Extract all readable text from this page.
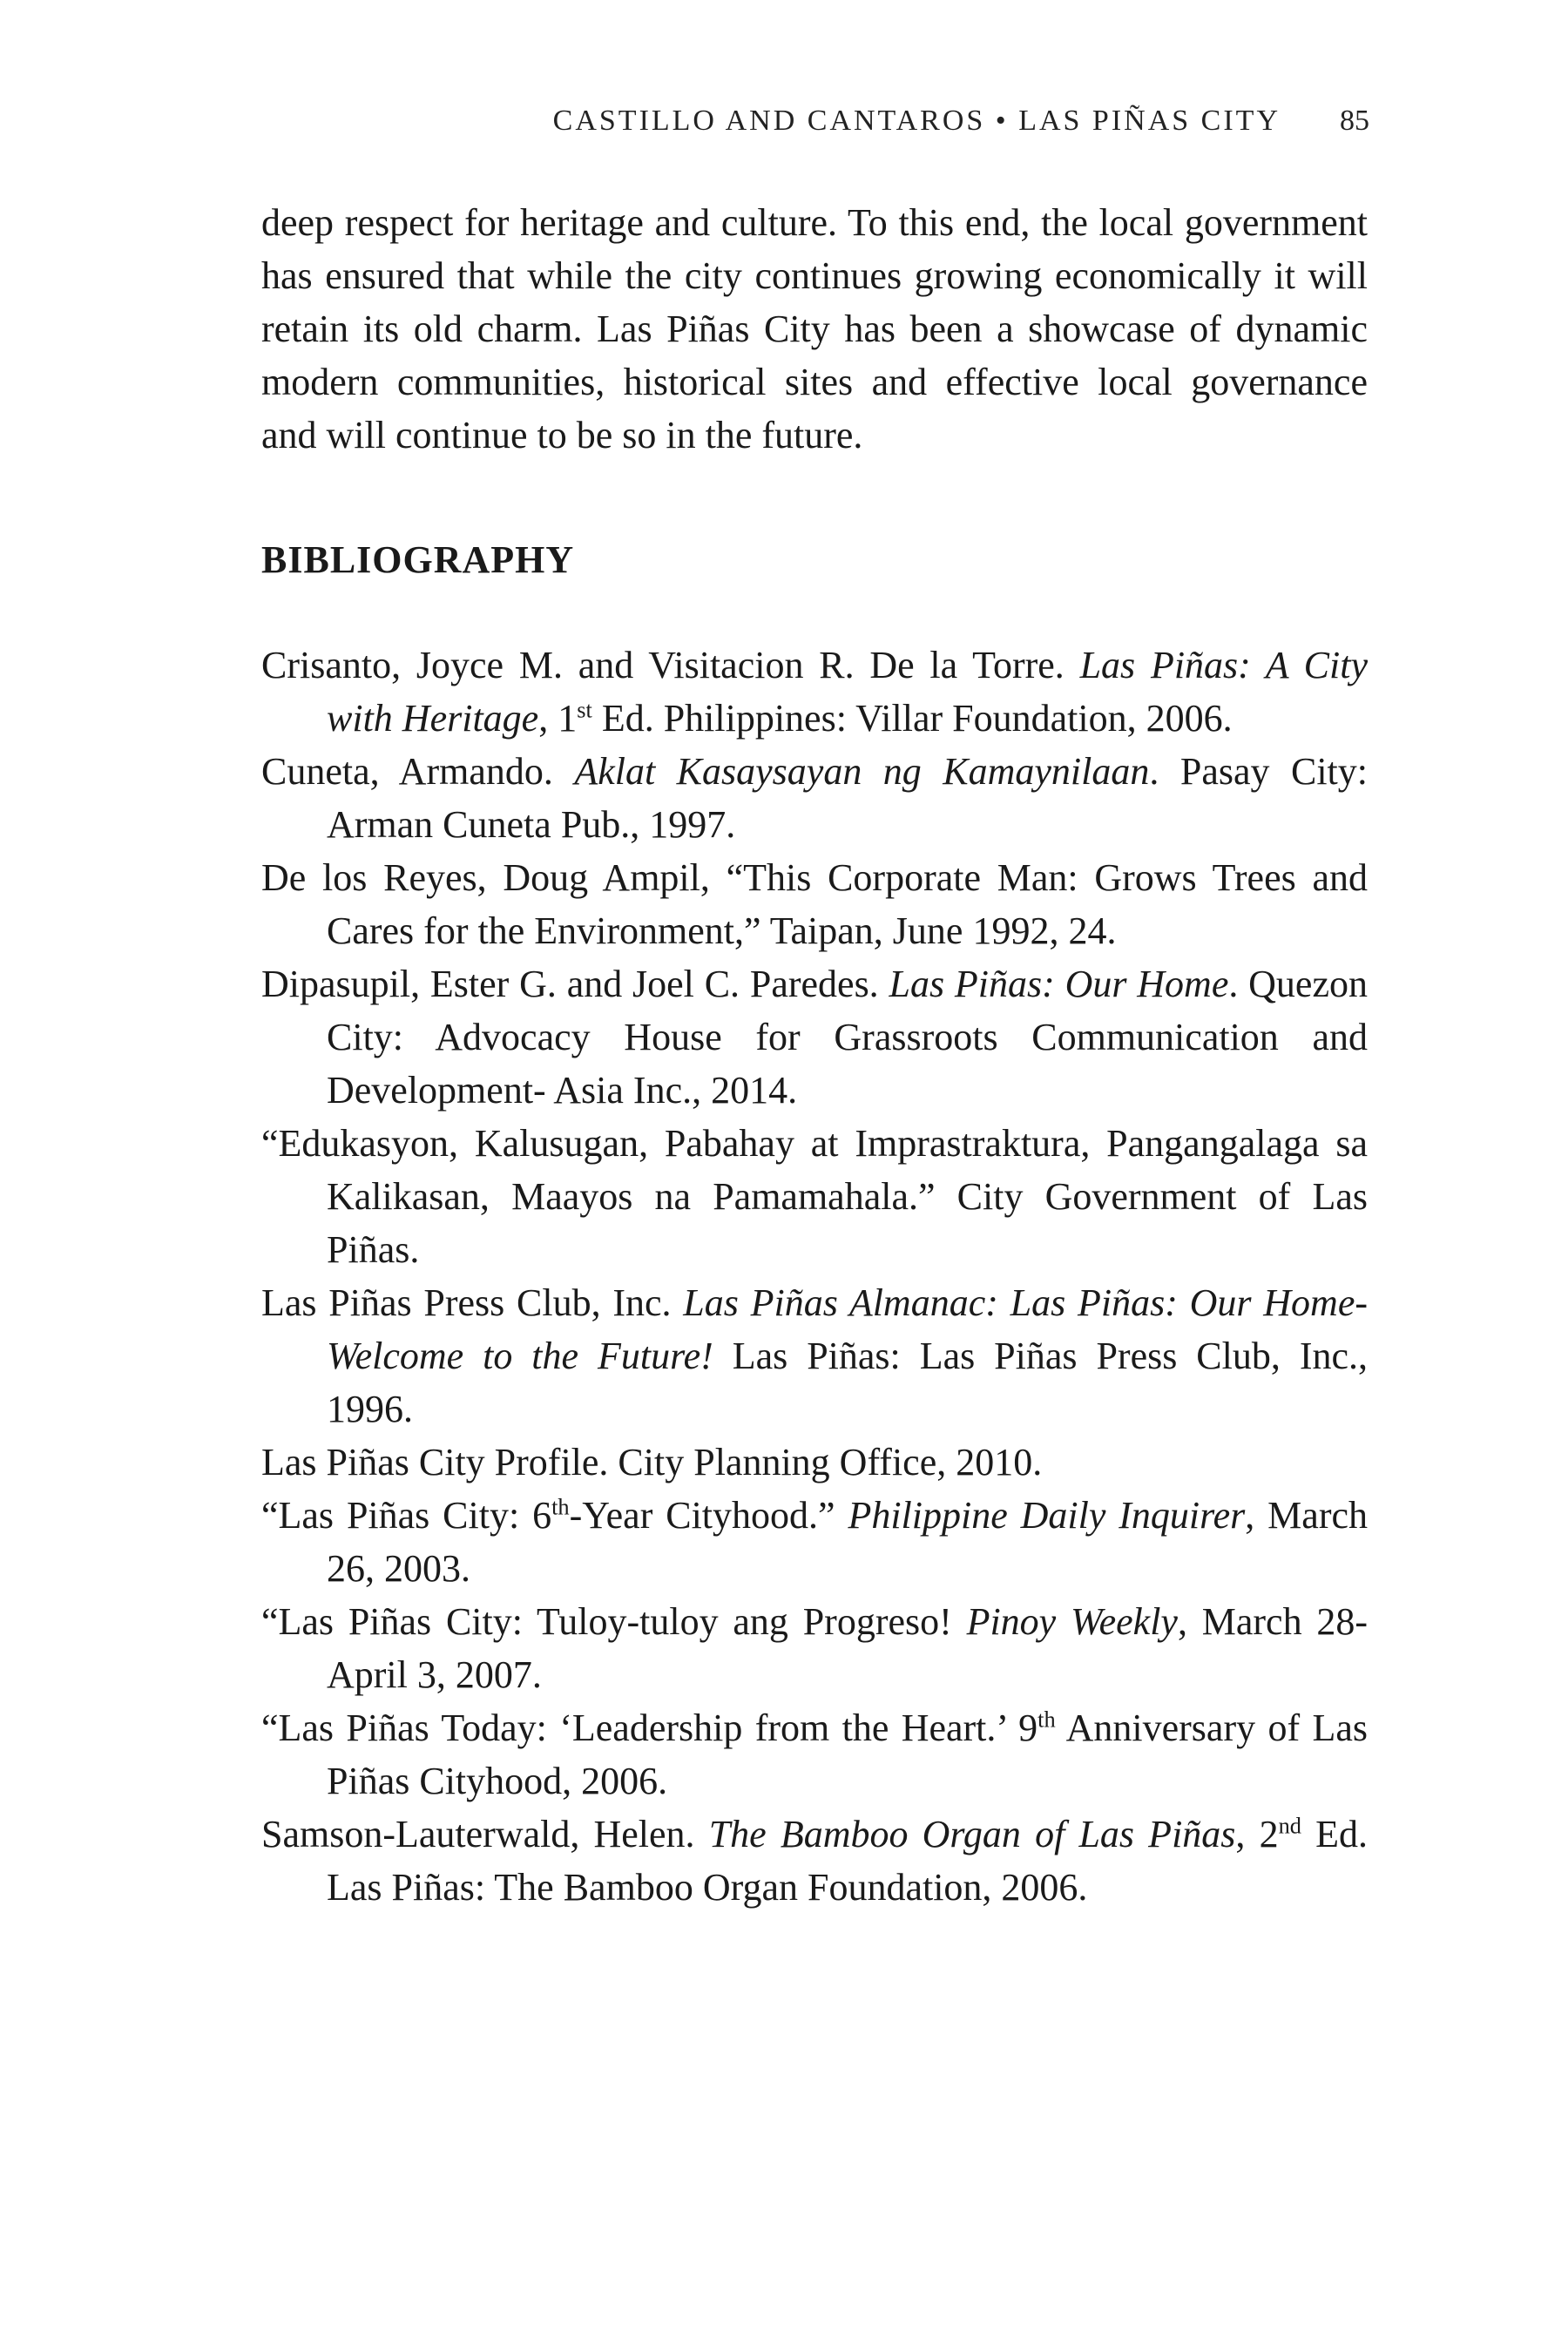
CASTILLO AND CANTAROS • LAS PIÑAS CITY 85

deep respect for heritage and culture. To this end, the local government has ensured that while the city continues growing economically it will retain its old charm. Las Piñas City has been a showcase of dynamic modern communities, historical sites and effective local governance and will continue to be so in the future.

BIBLIOGRAPHY
Crisanto, Joyce M. and Visitacion R. De la Torre. Las Piñas: A City with Heritage, 1st Ed. Philippines: Villar Foundation, 2006.
Cuneta, Armando. Aklat Kasaysayan ng Kamaynilaan. Pasay City: Arman Cuneta Pub., 1997.
De los Reyes, Doug Ampil, “This Corporate Man: Grows Trees and Cares for the Environment,” Taipan, June 1992, 24.
Dipasupil, Ester G. and Joel C. Paredes. Las Piñas: Our Home. Quezon City: Advocacy House for Grassroots Communication and Development- Asia Inc., 2014.
“Edukasyon, Kalusugan, Pabahay at Imprastraktura, Pangangalaga sa Kalikasan, Maayos na Pamamahala.” City Government of Las Piñas.
Las Piñas Press Club, Inc. Las Piñas Almanac: Las Piñas: Our Home-Welcome to the Future! Las Piñas: Las Piñas Press Club, Inc., 1996.
Las Piñas City Profile. City Planning Office, 2010.
“Las Piñas City: 6th-Year Cityhood.” Philippine Daily Inquirer, March 26, 2003.
“Las Piñas City: Tuloy-tuloy ang Progreso! Pinoy Weekly, March 28-April 3, 2007.
“Las Piñas Today: ‘Leadership from the Heart.’ 9th Anniversary of Las Piñas Cityhood, 2006.
Samson-Lauterwald, Helen. The Bamboo Organ of Las Piñas, 2nd Ed. Las Piñas: The Bamboo Organ Foundation, 2006.
